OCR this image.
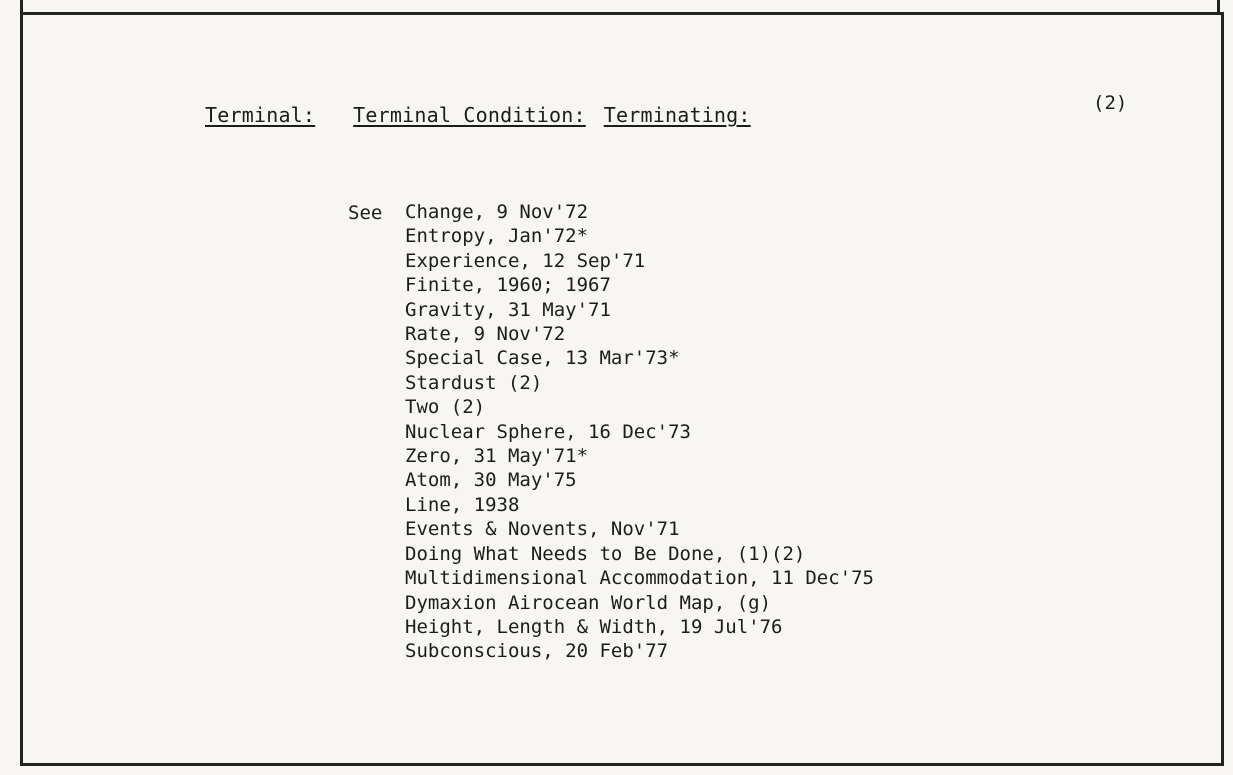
Terminal: Terminal Condition: Terminating:	(2)
See Change, 9 Nov'72
Entropy, Jan'72*
Experience, 12 Sep'71
Finite, 1960; 1967
Gravity, 31 May'71
Rate, 9 Nov'72
Special Case, 13 Mar'73*
Stardust (2)
Two (2)
Nuclear Sphere, 16 Dec'73
Zero, 31 May'71*
Atom, 30 May'75
Line, 1938
Events & Novents, Nov'71
Doing What Needs to Be Done, (1)(2)
Multidimensional Accommodation, 11 Dec'75
Dymaxion Airocean World Map, (g)
Height, Length & Width, 19 Jul'76
Subconscious, 20 Feb'77
